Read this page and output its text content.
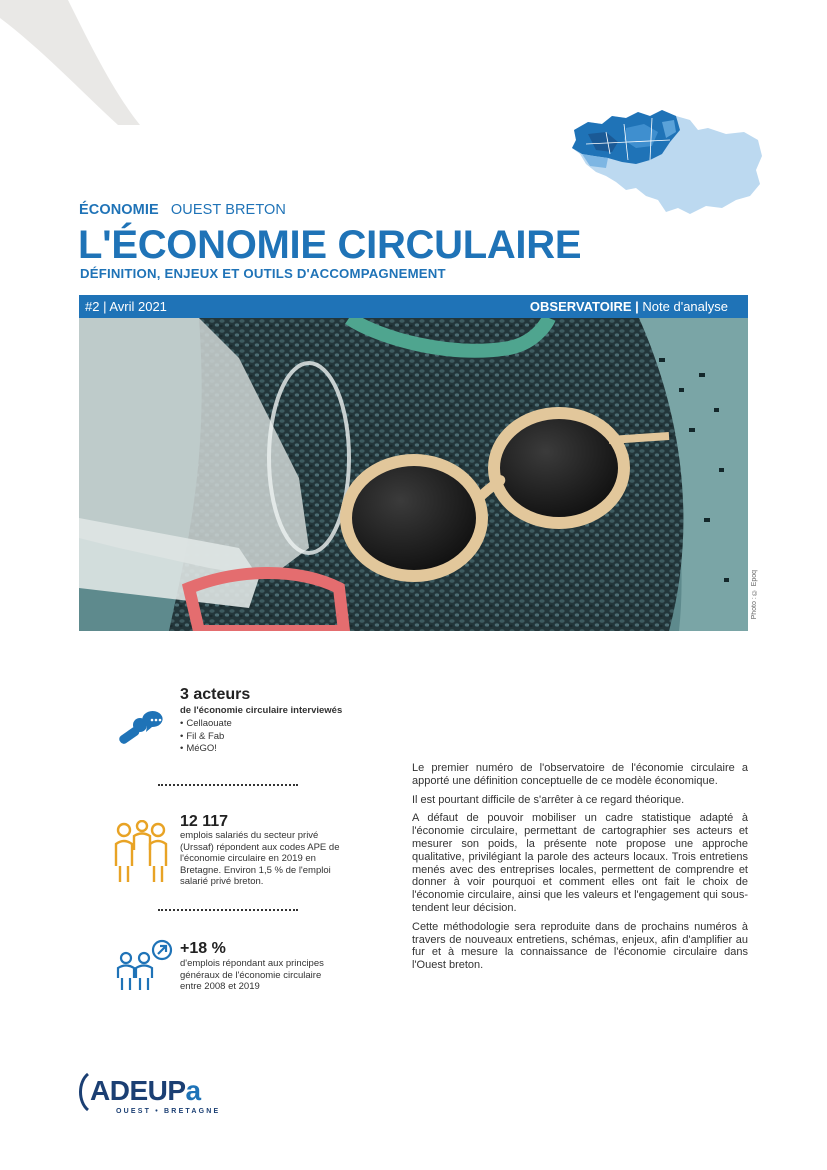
ÉCONOMIE OUEST BRETON
L'ÉCONOMIE CIRCULAIRE
DÉFINITION, ENJEUX ET OUTILS D'ACCOMPAGNEMENT
#2 | Avril 2021	OBSERVATOIRE | Note d'analyse
Photo : © Epoq
3 acteurs
de l'économie circulaire interviewés
• Cellaouate
• Fil & Fab
• MéGO!
12 117
emplois salariés du secteur privé (Urssaf) répondent aux codes APE de l'économie circulaire en 2019 en Bretagne. Environ 1,5 % de l'emploi salarié privé breton.
+18 %
d'emplois répondant aux principes généraux de l'économie circulaire entre 2008 et 2019

Le premier numéro de l'observatoire de l'économie circulaire a apporté une définition conceptuelle de ce modèle économique.

Il est pourtant difficile de s'arrêter à ce regard théorique.

A défaut de pouvoir mobiliser un cadre statistique adapté à l'économie circulaire, permettant de cartographier ses acteurs et mesurer son poids, la présente note propose une approche qualitative, privilégiant la parole des acteurs locaux. Trois entretiens menés avec des entreprises locales, permettent de comprendre et donner à voir pourquoi et comment elles ont fait le choix de l'économie circulaire, ainsi que les valeurs et l'engagement qui sous-tendent leur décision.

Cette méthodologie sera reproduite dans de prochains numéros à travers de nouveaux entretiens, schémas, enjeux, afin d'amplifier au fur et à mesure la connaissance de l'économie circulaire dans l'Ouest breton.

ADEUPa
OUEST • BRETAGNE
